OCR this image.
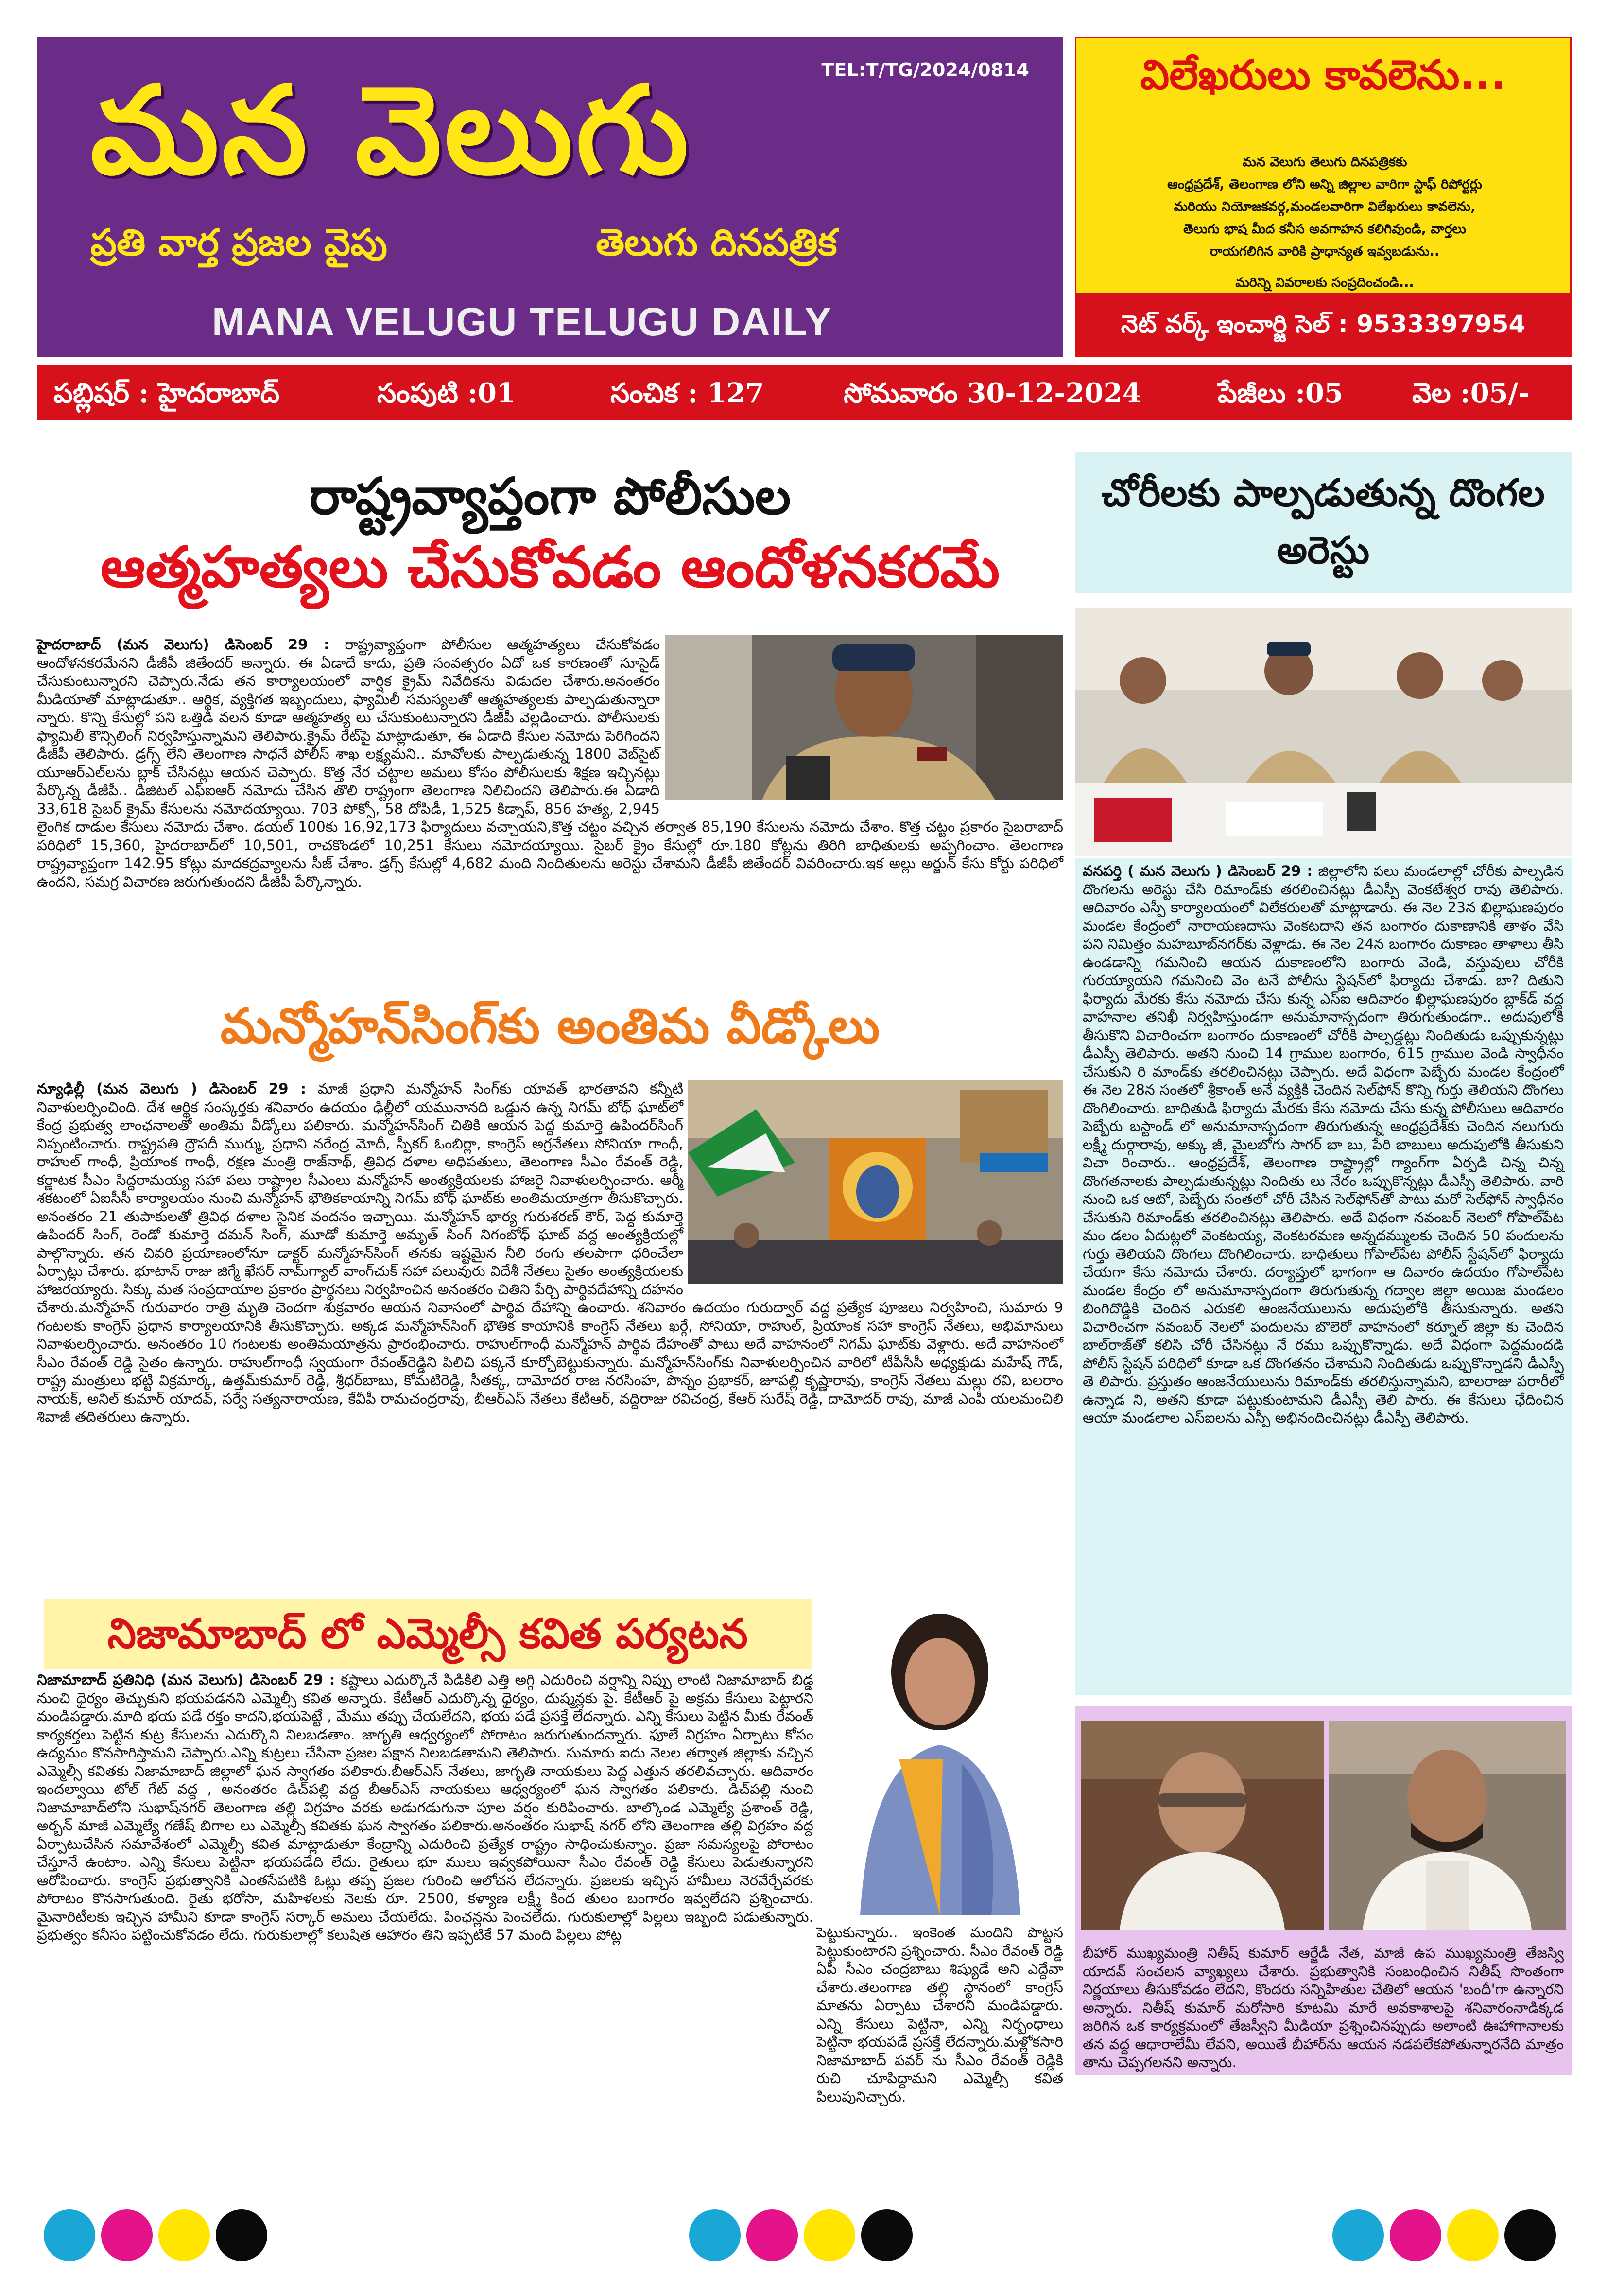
TEL:T/TG/2024/0814
మన వెలుగు
ప్రతి వార్త ప్రజల వైపు	తెలుగు దినపత్రిక
MANA VELUGU TELUGU DAILY
విలేఖరులు కావలెను...
మన వెలుగు తెలుగు దినపత్రికకు
ఆంధ్రప్రదేశ్, తెలంగాణ లోని అన్ని జిల్లాల వారిగా స్టాఫ్ రిపోర్టర్లు
మరియు నియోజకవర్గ,మండలవారిగా విలేఖరులు కావలెను,
తెలుగు భాష మీద కనీస అవగాహన కలిగివుండి, వార్తలు
రాయగలిగిన వారికి ప్రాధాన్యత ఇవ్వబడును..
మరిన్ని వివరాలకు సంప్రదించండి...
నెట్ వర్క్ ఇంచార్జి సెల్ : 9533397954
పబ్లిషర్ : హైదరాబాద్	సంపుటి :01	సంచిక : 127	సోమవారం 30-12-2024	పేజీలు :05	వెల :05/-
రాష్ట్రవ్యాప్తంగా పోలీసుల
ఆత్మహత్యలు చేసుకోవడం ఆందోళనకరమే
హైదరాబాద్ (మన వెలుగు) డిసెంబర్ 29 : రాష్ట్రవ్యాప్తంగా పోలీసుల ఆత్మహత్యలు చేసుకోవడం ఆందోళనకరమేనని డీజీపీ జితేందర్ అన్నారు. ఈ ఏడాదే కాదు, ప్రతి సంవత్సరం ఏదో ఒక కారణంతో సూసైడ్ చేసుకుంటున్నారని చెప్పారు.నేడు తన కార్యాలయంలో వార్షిక క్రైమ్ నివేదికను విడుదల చేశారు.అనంతరం మీడియాతో మాట్లాడుతూ.. ఆర్థిక, వ్యక్తిగత ఇబ్బందులు, ఫ్యామిలీ సమస్యలతో ఆత్మహత్యలకు పాల్పడుతున్నారా న్నారు. కొన్ని కేసుల్లో పని ఒత్తిడి వలన కూడా ఆత్మహత్య లు చేసుకుంటున్నారని డీజీపీ వెల్లడించారు. పోలీసులకు ఫ్యామిలీ కౌన్సిలింగ్ నిర్వహిస్తున్నామని తెలిపారు.క్రైమ్ రేట్‌పై మాట్లాడుతూ, ఈ ఏడాది కేసుల నమోదు పెరిగిందని డీజీపీ తెలిపారు. డ్రగ్స్ లేని తెలంగాణ సాధనే పోలీస్ శాఖ లక్ష్యమని.. మావోలకు పాల్పడుతున్న 1800 వెబ్‌సైట్ యూఆర్‌ఎల్‌లను బ్లాక్ చేసినట్లు ఆయన చెప్పారు. కొత్త నేర చట్టాల అమలు కోసం పోలీసులకు శిక్షణ ఇచ్చినట్లు పేర్కొన్న డీజీపీ.. డిజిటల్ ఎఫ్ఐఆర్ నమోదు చేసిన తొలి రాష్ట్రంగా తెలంగాణ నిలిచిందని తెలిపారు.ఈ ఏడాది 33,618 సైబర్ క్రైమ్ కేసులను నమోదయ్యాయి. 703 పోక్సో, 58 దోపిడీ, 1,525 కిడ్నాప్, 856 హత్య, 2,945 లైంగిక దాడుల కేసులు నమోదు చేశాం. డయల్ 100కు 16,92,173 ఫిర్యాదులు వచ్చాయని,కొత్త చట్టం వచ్చిన తర్వాత 85,190 కేసులను నమోదు చేశాం. కొత్త చట్టం ప్రకారం సైబరాబాద్ పరిధిలో 15,360, హైదరాబాద్‌లో 10,501, రాచకొండలో 10,251 కేసులు నమోదయ్యాయి. సైబర్ క్రైం కేసుల్లో రూ.180 కోట్లను తిరిగి బాధితులకు అప్పగించాం. తెలంగాణ రాష్ట్రవ్యాప్తంగా 142.95 కోట్లు మాదకద్రవ్యాలను సీజ్ చేశాం. డ్రగ్స్ కేసుల్లో 4,682 మంది నిందితులను అరెస్టు చేశామని డీజీపీ జితేందర్ వివరించారు.ఇక అల్లు అర్జున్ కేసు కోర్టు పరిధిలో ఉందని, సమగ్ర విచారణ జరుగుతుందని డీజీపీ పేర్కొన్నారు.
మన్మోహన్‌సింగ్‌కు అంతిమ వీడ్కోలు
న్యూఢిల్లీ (మన వెలుగు ) డిసెంబర్ 29 : మాజీ ప్రధాని మన్మోహన్ సింగ్‌కు యావత్ భారతావని కన్నీటి నివాళులర్పించింది. దేశ ఆర్థిక సంస్కర్తకు శనివారం ఉదయం ఢిల్లీలో యమునానది ఒడ్డున ఉన్న నిగమ్ బోధ్ ఘాట్‌లో కేంద్ర ప్రభుత్వ లాంఛనాలతో అంతిమ వీడ్కోలు పలికారు. మన్మోహన్‌సింగ్ చితికి ఆయన పెద్ద కుమార్తె ఉపిందర్‌సింగ్ నిప్పంటించారు. రాష్ట్రపతి ద్రౌపదీ ముర్ము, ప్రధాని నరేంద్ర మోదీ, స్పీకర్ ఓంబిర్లా, కాంగ్రెస్ అగ్రనేతలు సోనియా గాంధీ, రాహుల్ గాంధీ, ప్రియాంక గాంధీ, రక్షణ మంత్రి రాజ్‌నాథ్, త్రివిధ దళాల అధిపతులు, తెలంగాణ సీఎం రేవంత్ రెడ్డి, కర్ణాటక సీఎం సిద్దరామయ్య సహా పలు రాష్ట్రాల సీఎంలు మన్మోహన్ అంత్యక్రియలకు హాజరై నివాళులర్పించారు. ఆర్మీ శకటంలో ఏఐసీసీ కార్యాలయం నుంచి మన్మోహన్ భౌతికకాయాన్ని నిగమ్ బోధ్ ఘాట్‌కు అంతిమయాత్రగా తీసుకొచ్చారు. అనంతరం 21 తుపాకులతో త్రివిధ దళాల సైనిక వందనం ఇచ్చాయి. మన్మోహన్ భార్య గురుశరణ్ కౌర్, పెద్ద కుమార్తె ఉపిందర్ సింగ్, రెండో కుమార్తె దమన్ సింగ్, మూడో కుమార్తె అమృత్ సింగ్ నిగంబోధ్ ఘాట్ వద్ద అంత్యక్రియల్లో పాల్గొన్నారు. తన చివరి ప్రయాణంలోనూ డాక్టర్ మన్మోహన్‌సింగ్ తనకు ఇష్టమైన నీలి రంగు తలపాగా ధరించేలా ఏర్పాట్లు చేశారు. భూటాన్ రాజు జిగ్మే ఖేసర్ నామ్‌గ్యాల్ వాంగ్‌చుక్ సహా పలువురు విదేశీ నేతలు సైతం అంత్యక్రియలకు హాజరయ్యారు. సిక్కు మత సంప్రదాయాల ప్రకారం ప్రార్థనలు నిర్వహించిన అనంతరం చితిని పేర్చి పార్థివదేహాన్ని దహనం చేశారు.మన్మోహన్ గురువారం రాత్రి మృతి చెందగా శుక్రవారం ఆయన నివాసంలో పార్థివ దేహాన్ని ఉంచారు. శనివారం ఉదయం గురుద్వార్ వద్ద ప్రత్యేక పూజలు నిర్వహించి, సుమారు 9 గంటలకు కాంగ్రెస్ ప్రధాన కార్యాలయానికి తీసుకొచ్చారు. అక్కడ మన్మోహన్‌సింగ్ భౌతిక కాయానికి కాంగ్రెస్ నేతలు ఖర్గే, సోనియా, రాహుల్, ప్రియాంక సహా కాంగ్రెస్ నేతలు, అభిమానులు నివాళులర్పించారు. అనంతరం 10 గంటలకు అంతిమయాత్రను ప్రారంభించారు. రాహుల్‌గాంధీ మన్మోహన్ పార్థివ దేహంతో పాటు అదే వాహనంలో నిగమ్ ఘాట్‌కు వెళ్లారు. అదే వాహనంలో సీఎం రేవంత్ రెడ్డి సైతం ఉన్నారు. రాహుల్‌గాంధీ స్వయంగా రేవంత్‌రెడ్డిని పిలిచి పక్కనే కూర్చోబెట్టుకున్నారు. మన్మోహన్‌సింగ్‌కు నివాళులర్పించిన వారిలో టీపీసీసీ అధ్యక్షుడు మహేష్ గౌడ్, రాష్ట్ర మంత్రులు భట్టి విక్రమార్క, ఉత్తమ్‌కుమార్ రెడ్డి, శ్రీధర్‌బాబు, కోమటిరెడ్డి, సీతక్క, దామోదర రాజ నరసింహ, పొన్నం ప్రభాకర్, జూపల్లి కృష్ణారావు, కాంగ్రెస్ నేతలు మల్లు రవి, బలరాం నాయక్, అనిల్ కుమార్ యాదవ్, సర్వే సత్యనారాయణ, కేవీపీ రామచంద్రరావు, బీఆర్ఎస్ నేతలు కేటీఆర్, వద్దిరాజు రవిచంద్ర, కేఆర్ సురేష్ రెడ్డి, దామోదర్ రావు, మాజీ ఎంపీ యలమంచిలి శివాజీ తదితరులు ఉన్నారు.
నిజామాబాద్ లో ఎమ్మెల్సీ కవిత పర్యటన
నిజామాబాద్ ప్రతినిధి (మన వెలుగు) డిసెంబర్ 29 : కష్టాలు ఎదుర్కొనే పిడికిలి ఎత్తి అగ్గి ఎదురించి వర్షాన్ని నిప్పు లాంటి నిజామాబాద్ బిడ్డ నుంచి ధైర్యం తెచ్చుకుని భయపడనని ఎమ్మెల్సీ కవిత అన్నారు. కేటీఆర్ ఎదుర్కొన్న ధైర్యం, దుష్మన్లకు పై. కేటీఆర్ పై అక్రమ కేసులు పెట్టారని మండిపడ్డారు.మాది భయ పడే రక్తం కాదని,భయపెట్టే , మేము తప్పు చేయలేదని, భయ పడే ప్రసక్తే లేదన్నారు. ఎన్ని కేసులు పెట్టిన మీకు రేవంత్ కార్యకర్తలు పెట్టిన కుట్ర కేసులను ఎదుర్కొని నిలబడతాం. జాగృతి ఆధ్వర్యంలో పోరాటం జరుగుతుందన్నారు. ఫూలే విగ్రహం ఏర్పాటు కోసం ఉద్యమం కొనసాగిస్తామని చెప్పారు.ఎన్ని కుట్రలు చేసినా ప్రజల పక్షాన నిలబడతామని తెలిపారు. సుమారు ఐదు నెలల తర్వాత జిల్లాకు వచ్చిన ఎమ్మెల్సీ కవితకు నిజామాబాద్ జిల్లాలో ఘన స్వాగతం పలికారు.బీఆర్ఎస్ నేతలు, జాగృతి నాయకులు పెద్ద ఎత్తున తరలివచ్చారు. ఆదివారం ఇందల్వాయి టోల్ గేట్ వద్ద , అనంతరం డిచ్‌పల్లి వద్ద బీఆర్ఎస్ నాయకులు ఆధ్వర్యంలో ఘన స్వాగతం పలికారు. డిచ్‌పల్లి నుంచి నిజామాబాద్‌లోని సుభాష్‌నగర్ తెలంగాణ తల్లి విగ్రహం వరకు అడుగడుగునా పూల వర్షం కురిపించారు. బాల్కొండ ఎమ్మెల్యే ప్రశాంత్ రెడ్డి, అర్బన్ మాజీ ఎమ్మెల్యే గణేష్ బిగాల లు ఎమ్మెల్సీ కవితకు ఘన స్వాగతం పలికారు.అనంతరం సుభాష్ నగర్ లోని తెలంగాణ తల్లి విగ్రహం వద్ద ఏర్పాటుచేసిన సమావేశంలో ఎమ్మెల్సీ కవిత మాట్లాడుతూ కేంద్రాన్ని ఎదురించి ప్రత్యేక రాష్ట్రం సాధించుకున్నాం. ప్రజా సమస్యలపై పోరాటం చేస్తూనే ఉంటాం. ఎన్ని కేసులు పెట్టినా భయపడేది లేదు. రైతులు భూ ములు ఇవ్వకపోయినా సీఎం రేవంత్ రెడ్డి కేసులు పెడుతున్నారని ఆరోపించారు. కాంగ్రెస్ ప్రభుత్వానికి ఎంతసేపటికి ఓట్లు తప్ప ప్రజల గురించి ఆలోచన లేదన్నారు. ప్రజలకు ఇచ్చిన హామీలు నెరవేర్చేవరకు పోరాటం కొనసాగుతుంది. రైతు భరోసా, మహిళలకు నెలకు రూ. 2500, కళ్యాణ లక్ష్మీ కింద తులం బంగారం ఇవ్వలేదని ప్రశ్నించారు. మైనారిటీలకు ఇచ్చిన హామీని కూడా కాంగ్రెస్ సర్కార్ అమలు చేయలేదు. పింఛన్లను పెంచలేదు. గురుకులాల్లో పిల్లలు ఇబ్బంది పడుతున్నారు. ప్రభుత్వం కనీసం పట్టించుకోవడం లేదు. గురుకులాల్లో కలుషిత ఆహారం తిని ఇప్పటికే 57 మంది పిల్లలు పోట్ల	పెట్టుకున్నారు.. ఇంకెంత మందిని పొట్టన పెట్టుకుంటారని ప్రశ్నించారు. సీఎం రేవంత్ రెడ్డి ఏపీ సీఎం చంద్రబాబు శిష్యుడే అని ఎద్దేవా చేశారు.తెలంగాణ తల్లి స్థానంలో కాంగ్రెస్ మాతను ఏర్పాటు చేశారని మండిపడ్డారు. ఎన్ని కేసులు పెట్టినా, ఎన్ని నిర్బంధాలు పెట్టినా భయపడే ప్రసక్తే లేదన్నారు.మళ్లోకసారి నిజామాబాద్ పవర్ ను సీఎం రేవంత్ రెడ్డికి రుచి చూపిద్దామని ఎమ్మెల్సీ కవిత పిలుపునిచ్చారు.
చోరీలకు పాల్పడుతున్న దొంగల అరెస్టు
వనపర్తి ( మన వెలుగు ) డిసెంబర్ 29 : జిల్లాలోని పలు మండలాల్లో చోరీకు పాల్పడిన దొంగలను అరెస్టు చేసి రిమాండ్‌కు తరలించినట్లు డీఎస్పీ వెంకటేశ్వర రావు తెలిపారు. ఆదివారం ఎస్పీ కార్యాలయంలో విలేకరులతో మాట్లాడారు. ఈ నెల 23న ఖిల్లాఘణపురం మండల కేంద్రంలో నారాయణదాసు వెంకటదాని తన బంగారం దుకాణానికి తాళం వేసి పని నిమిత్తం మహబూబ్‌నగర్‌కు వెళ్లాడు. ఈ నెల 24న బంగారం దుకాణం తాళాలు తీసి ఉండడాన్ని గమనించి ఆయన దుకాణంలోని బంగారు వెండి, వస్తువులు చోరీకి గురయ్యాయని గమనించి వెం టనే పోలీసు స్టేషన్‌లో ఫిర్యాదు చేశాడు. బా? దితుని ఫిర్యాదు మేరకు కేసు నమోదు చేసు కున్న ఎస్ఐ ఆదివారం ఖిల్లాఘణపురం బ్లాక్‌డ్ వద్ద వాహనాల తనిఖీ నిర్వహిస్తుండగా అనుమానాస్పదంగా తిరుగుతుండగా.. అదుపులోకి తీసుకొని విచారించగా బంగారం దుకాణంలో చోరీకి పాల్పడ్డట్లు నిందితుడు ఒప్పుకున్నట్లు డీఎస్పీ తెలిపారు. అతని నుంచి 14 గ్రాముల బంగారం, 615 గ్రాముల వెండి స్వాధీనం చేసుకుని రి మాండ్‌కు తరలించినట్లు చెప్పారు. అదే విధంగా పెబ్బేరు మండల కేంద్రంలో ఈ నెల 28న సంతలో శ్రీకాంత్ అనే వ్యక్తికి చెందిన సెల్‌ఫోన్ కొన్ని గుర్తు తెలియని దొంగలు దొంగిలించారు. బాధితుడి ఫిర్యాదు మేరకు కేసు నమోదు చేసు కున్న పోలీసులు ఆదివారం పెబ్బేరు బస్టాండ్ లో అనుమానాస్పదంగా తిరుగుతున్న ఆంధ్రప్రదేశ్‌కు చెందిన నలుగురు లక్ష్మీ దుర్గారావు, అక్కు జీ, మైలబోగు సాగర్ బా బు, పేరి బాబులు అదుపులోకి తీసుకుని విచా రించారు.. ఆంధ్రప్రదేశ్, తెలంగాణ రాష్ట్రాల్లో గ్యాంగ్‌గా ఏర్పడి చిన్న చిన్న దొంగతనాలకు పాల్పడుతున్నట్లు నిందితు లు నేరం ఒప్పుకొన్నట్లు డీఎస్పీ తెలిపారు. వారి నుంచి ఒక ఆటో, పెబ్బేరు సంతలో చోరీ చేసిన సెల్‌ఫోన్‌తో పాటు మరో సెల్‌ఫోన్ స్వాధీనం చేసుకుని రిమాండ్‌కు తరలించినట్లు తెలిపారు. అదే విధంగా నవంబర్ నెలలో గోపాల్‌పేట మం డలం ఏదుట్లలో వెంకటయ్య, వెంకటరమణ అన్నదమ్ములకు చెందిన 50 పందులను గుర్తు తెలియని దొంగలు దొంగిలించారు. బాధితులు గోపాల్‌పేట పోలీస్ స్టేషన్‌లో ఫిర్యాదు చేయగా కేసు నమోదు చేశారు. దర్యాప్తులో భాగంగా ఆ దివారం ఉదయం గోపాల్‌పేట మండల కేంద్రం లో అనుమానాస్పదంగా తిరుగుతున్న గద్వాల జిల్లా అయిజ మండలం బింగిదొడ్డికి చెందిన ఎరుకలి ఆంజనేయులును అదుపులోకి తీసుకున్నారు. అతని విచారించగా నవంబర్ నెలలో పందులను బొలెరో వాహనంలో కర్నూల్ జిల్లా కు చెందిన బాల్‌రాజ్‌తో కలిసి చోరీ చేసినట్లు నే రము ఒప్పుకొన్నాడు. అదే విధంగా పెద్దమందడి పోలీస్ స్టేషన్ పరిధిలో కూడా ఒక దొంగతనం చేశామని నిందితుడు ఒప్పుకొన్నాడని డీఎస్పీ తె లిపారు. ప్రస్తుతం ఆంజనేయులును రిమాండ్‌కు తరలిస్తున్నామని, బాలరాజు పరారీలో ఉన్నాడ ని, అతని కూడా పట్టుకుంటామని డీఎస్పీ తెలి పారు. ఈ కేసులు ఛేదించిన ఆయా మండలాల ఎస్ఐలను ఎస్పీ అభినందించినట్లు డీఎస్పీ తెలిపారు.
బీహార్ ముఖ్యమంత్రి నితీష్ కుమార్ ఆర్జేడీ నేత, మాజీ ఉప ముఖ్యమంత్రి తేజస్వి యాదవ్ సంచలన వ్యాఖ్యలు చేశారు. ప్రభుత్వానికి సంబంధించిన నితీష్ సొంతంగా నిర్ణయాలు తీసుకోవడం లేదని, కొందరు సన్నిహితుల చేతిలో ఆయన 'బందీ'గా ఉన్నారని అన్నారు. నితీష్ కుమార్ మరోసారి కూటమి మారే అవకాశాలపై శనివారంనాడిక్కడ జరిగిన ఒక కార్యక్రమంలో తేజస్వీని మీడియా ప్రశ్నించినప్పుడు అలాంటి ఊహాగానాలకు తన వద్ద ఆధారాలేమీ లేవని, అయితే బీహార్‌ను ఆయన నడపలేకపోతున్నారనేది మాత్రం తాను చెప్పగలనని అన్నారు.
